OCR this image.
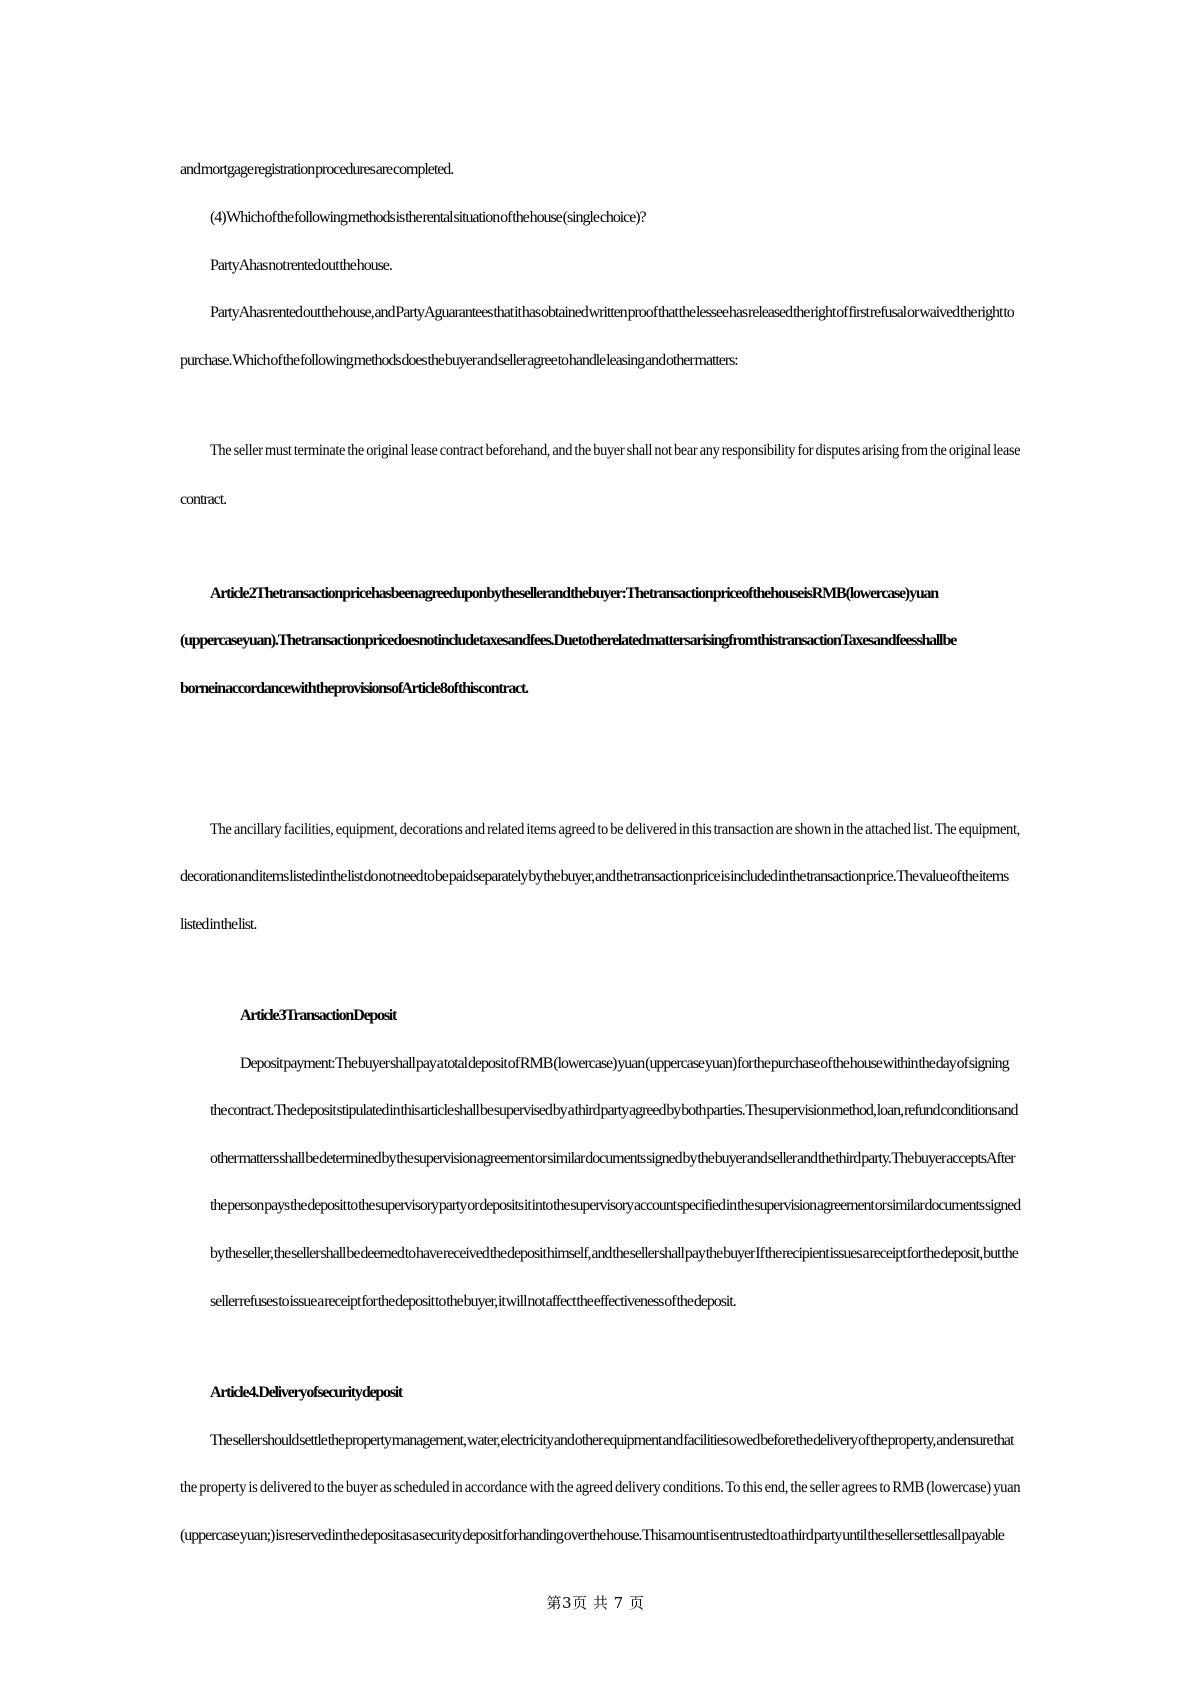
and mortgage registration procedures are completed.
(4) Which of the following methods is the rental situation of the house (single choice)?
Party A has not rented out the house.
Party A has rented out the house, and Party A guarantees that it has obtained written proof that the lessee has released the right of first refusal or waived the right to
purchase. Which of the following methods does the buyer and seller agree to handle leasing and other matters:
The seller must terminate the original lease contract beforehand, and the buyer shall not bear any responsibility for disputes arising from the original lease
contract.
Article 2 The transaction price has been agreed upon by the seller and the buyer: The transaction price of the house is RMB (lowercase) yuan
(uppercase yuan). The transaction price does not include taxes and fees. Due to the related matters arising from this transaction Taxes and fees shall be
borne in accordance with the provisions of Article 8 of this contract.
The ancillary facilities, equipment, decorations and related items agreed to be delivered in this transaction are shown in the attached list. The equipment,
decoration and items listed in the list do not need to be paid separately by the buyer, and the transaction price is included in the transaction price. The value of the items
listed in the list.
Article 3 Transaction Deposit
Deposit payment: The buyer shall pay a total deposit of RMB (lowercase) yuan (uppercase yuan) for the purchase of the house within the day of signing
the contract. The deposit stipulated in this article shall be supervised by a third party agreed by both parties. The supervision method, loan, refund conditions and
other matters shall be determined by the supervision agreement or similar documents signed by the buyer and seller and the third party. The buyer accepts After
the person pays the deposit to the supervisory party or deposits it into the supervisory account specified in the supervision agreement or similar documents signed
by the seller, the seller shall be deemed to have received the deposit himself, and the seller shall pay the buyer If the recipient issues a receipt for the deposit, but the
seller refuses to issue a receipt for the deposit to the buyer, it will not affect the effectiveness of the deposit.
Article 4. Delivery of security deposit
The seller should settle the property management, water, electricity and other equipment and facilities owed before the delivery of the property, and ensure that
the property is delivered to the buyer as scheduled in accordance with the agreed delivery conditions. To this end, the seller agrees to RMB (lowercase) yuan
(uppercase yuan;) is reserved in the deposit as a security deposit for handing over the house. This amount is entrusted to a third party until the seller settles all payable
第3页 共 7 页
